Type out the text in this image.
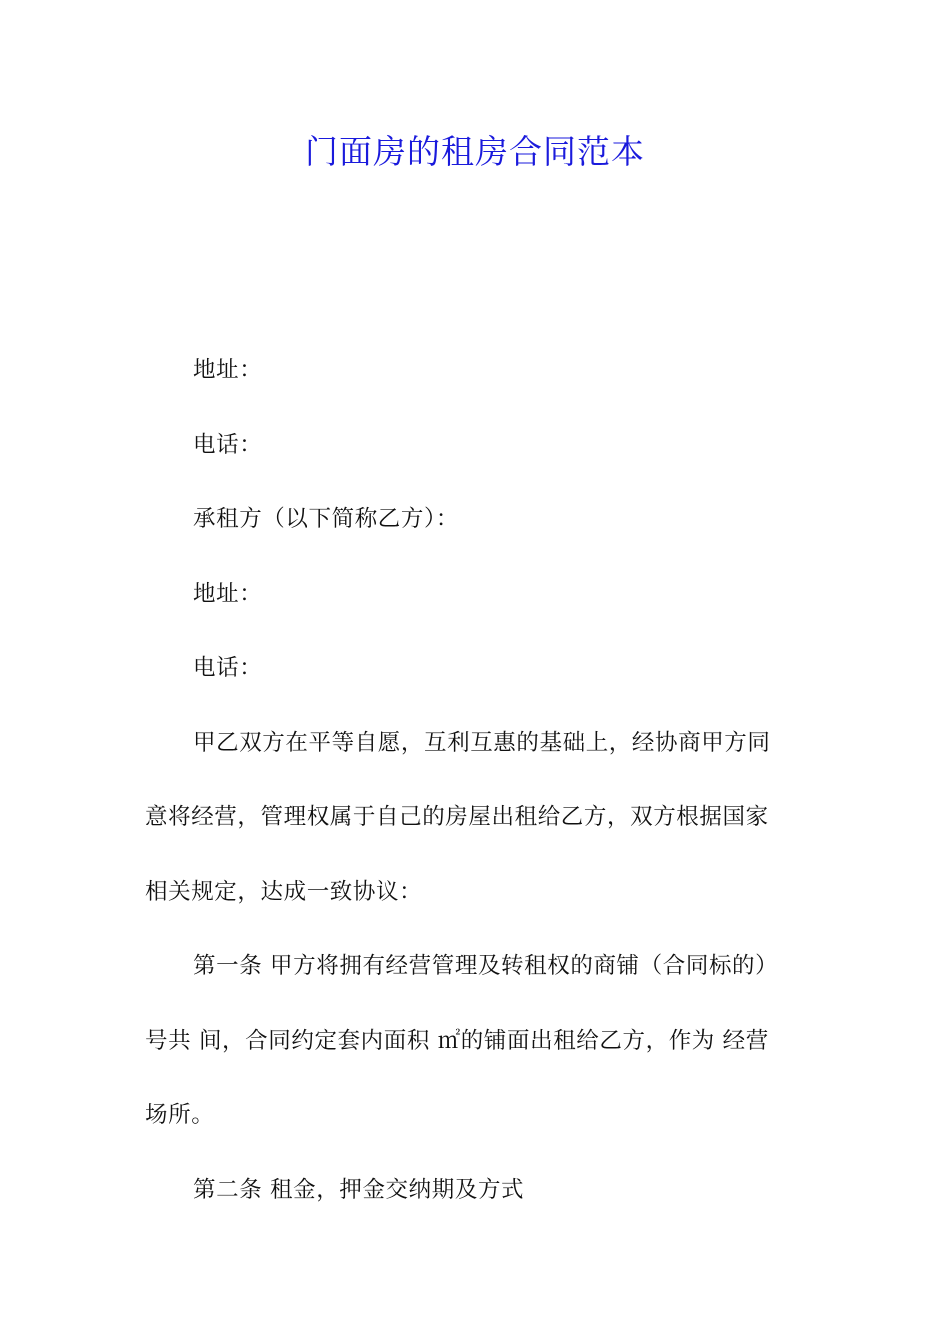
门面房的租房合同范本

地址：

电话：

承租方（以下简称乙方）：

地址：

电话：

甲乙双方在平等自愿，互利互惠的基础上，经协商甲方同
意将经营，管理权属于自己的房屋出租给乙方，双方根据国家
相关规定，达成一致协议：

第一条 甲方将拥有经营管理及转租权的商铺（合同标的）
号共 间，合同约定套内面积 ㎡的铺面出租给乙方，作为 经营
场所。

第二条 租金，押金交纳期及方式
